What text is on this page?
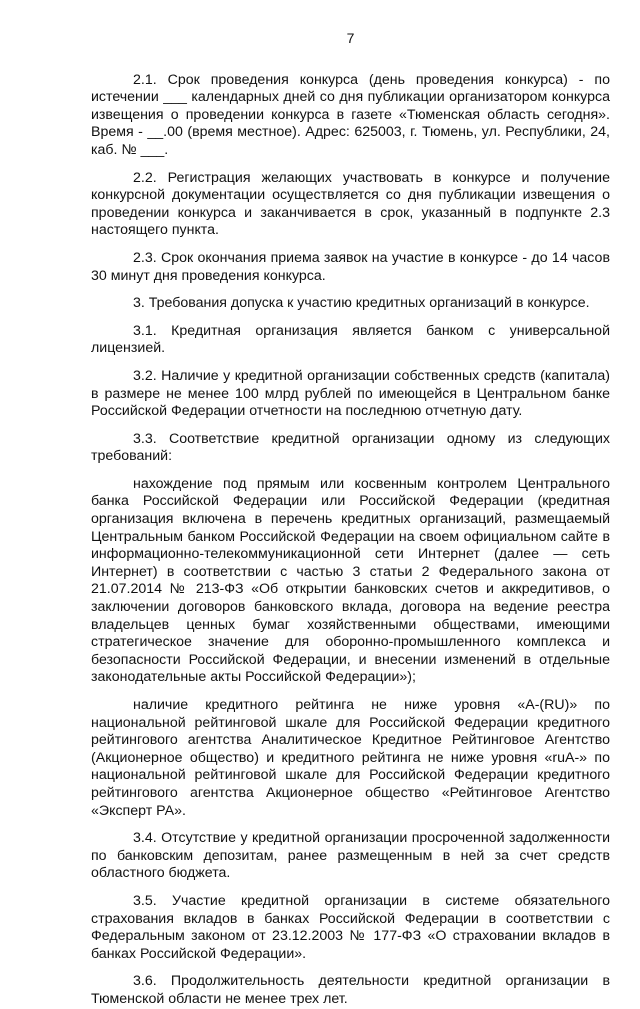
7

2.1. Срок проведения конкурса (день проведения конкурса) - по истечении ___ календарных дней со дня публикации организатором конкурса извещения о проведении конкурса в газете «Тюменская область сегодня». Время - __.00 (время местное). Адрес: 625003, г. Тюмень, ул. Республики, 24, каб. № ___.

2.2. Регистрация желающих участвовать в конкурсе и получение конкурсной документации осуществляется со дня публикации извещения о проведении конкурса и заканчивается в срок, указанный в подпункте 2.3 настоящего пункта.

2.3. Срок окончания приема заявок на участие в конкурсе - до 14 часов 30 минут дня проведения конкурса.

3. Требования допуска к участию кредитных организаций в конкурсе.

3.1. Кредитная организация является банком с универсальной лицензией.

3.2. Наличие у кредитной организации собственных средств (капитала) в размере не менее 100 млрд рублей по имеющейся в Центральном банке Российской Федерации отчетности на последнюю отчетную дату.

3.3. Соответствие кредитной организации одному из следующих требований:

нахождение под прямым или косвенным контролем Центрального банка Российской Федерации или Российской Федерации (кредитная организация включена в перечень кредитных организаций, размещаемый Центральным банком Российской Федерации на своем официальном сайте в информационно-телекоммуникационной сети Интернет (далее — сеть Интернет) в соответствии с частью 3 статьи 2 Федерального закона от 21.07.2014 № 213-ФЗ «Об открытии банковских счетов и аккредитивов, о заключении договоров банковского вклада, договора на ведение реестра владельцев ценных бумаг хозяйственными обществами, имеющими стратегическое значение для оборонно-промышленного комплекса и безопасности Российской Федерации, и внесении изменений в отдельные законодательные акты Российской Федерации»);

наличие кредитного рейтинга не ниже уровня «A-(RU)» по национальной рейтинговой шкале для Российской Федерации кредитного рейтингового агентства Аналитическое Кредитное Рейтинговое Агентство (Акционерное общество) и кредитного рейтинга не ниже уровня «ruA-» по национальной рейтинговой шкале для Российской Федерации кредитного рейтингового агентства Акционерное общество «Рейтинговое Агентство «Эксперт РА».

3.4. Отсутствие у кредитной организации просроченной задолженности по банковским депозитам, ранее размещенным в ней за счет средств областного бюджета.

3.5. Участие кредитной организации в системе обязательного страхования вкладов в банках Российской Федерации в соответствии с Федеральным законом от 23.12.2003 № 177-ФЗ «О страховании вкладов в банках Российской Федерации».

3.6. Продолжительность деятельности кредитной организации в Тюменской области не менее трех лет.
